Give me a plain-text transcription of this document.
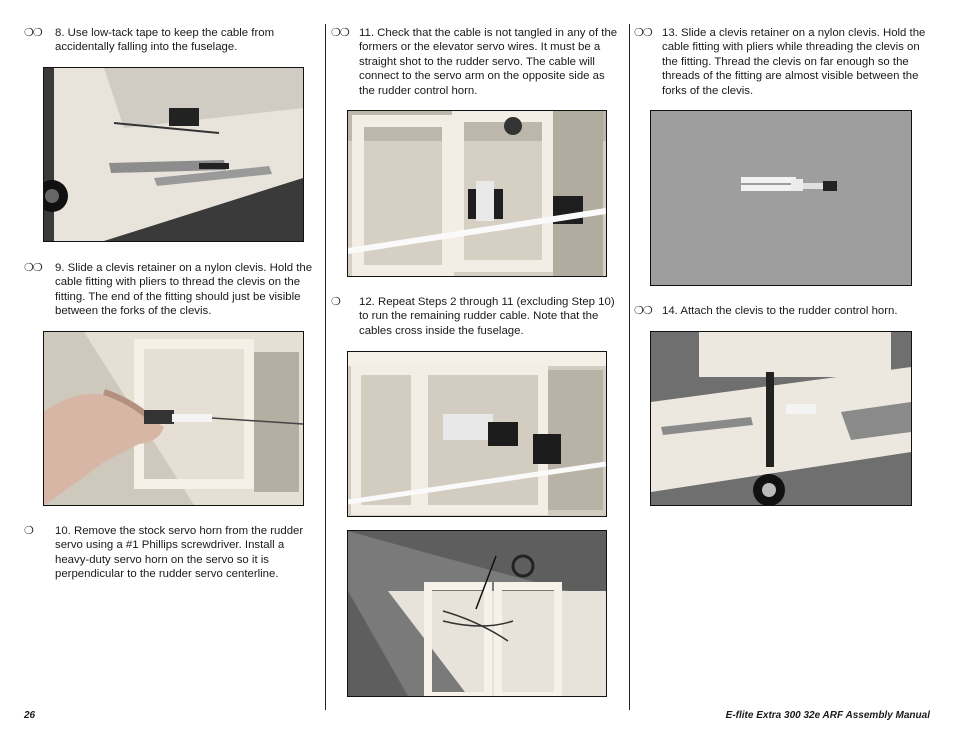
❍❍	8. Use low-tack tape to keep the cable from accidentally falling into the fuselage.
❍❍	9. Slide a clevis retainer on a nylon clevis. Hold the cable fitting with pliers to thread the clevis on the fitting. The end of the fitting should just be visible between the forks of the clevis.
❍	10. Remove the stock servo horn from the rudder servo using a #1 Phillips screwdriver. Install a heavy-duty servo horn on the servo so it is perpendicular to the rudder servo centerline.
❍❍ 11. Check that the cable is not tangled in any of the formers or the elevator servo wires. It must be a straight shot to the rudder servo. The cable will connect to the servo arm on the opposite side as the rudder control horn.
❍	12. Repeat Steps 2 through 11 (excluding Step 10) to run the remaining rudder cable. Note that the cables cross inside the fuselage.
❍❍ 13. Slide a clevis retainer on a nylon clevis. Hold the cable fitting with pliers while threading the clevis on the fitting. Thread the clevis on far enough so the threads of the fitting are almost visible between the forks of the clevis.
❍❍ 14. Attach the clevis to the rudder control horn.
26	E-flite Extra 300 32e ARF Assembly Manual
